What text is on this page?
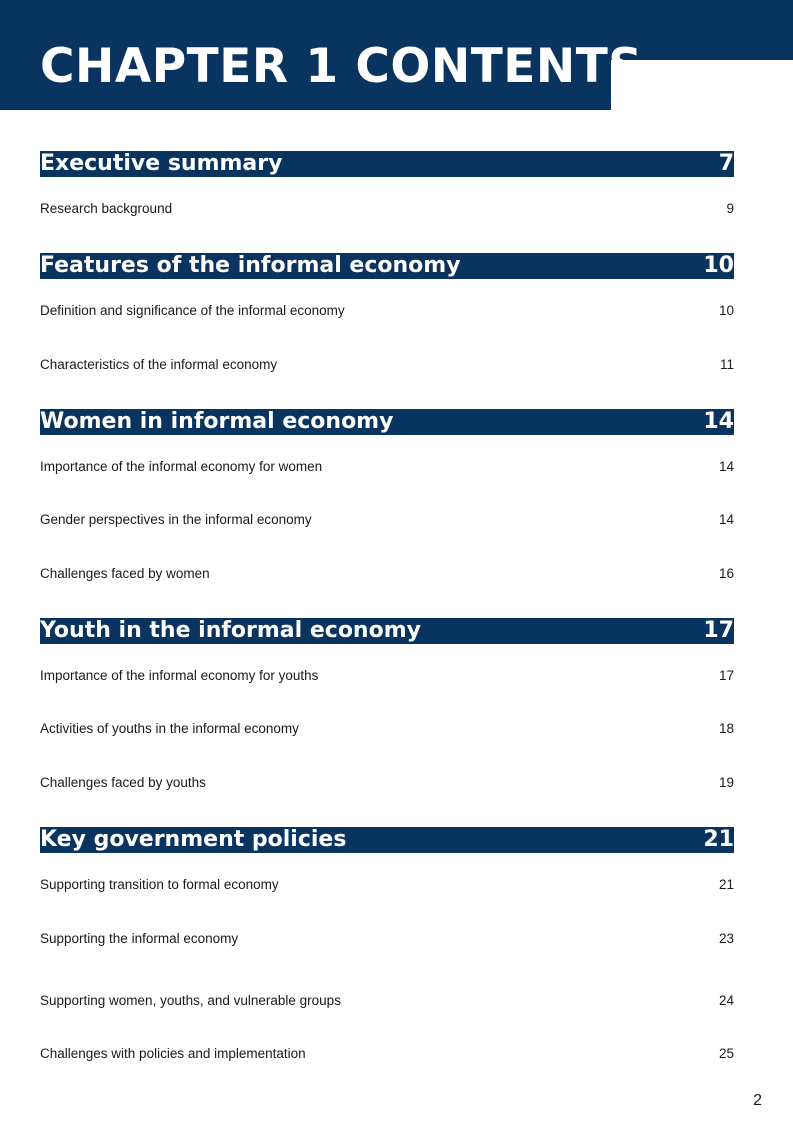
CHAPTER 1 CONTENTS
Executive summary	7
Research background	9
Features of the informal economy	10
Definition and significance of the informal economy	10
Characteristics of the informal economy	11
Women in informal economy	14
Importance of the informal economy for women	14
Gender perspectives in the informal economy	14
Challenges faced by women	16
Youth in the informal economy	17
Importance of the informal economy for youths	17
Activities of youths in the informal economy	18
Challenges faced by youths	19
Key government policies	21
Supporting transition to formal economy	21
Supporting the informal economy	23
Supporting women, youths, and vulnerable groups	24
Challenges with policies and implementation	25
2
